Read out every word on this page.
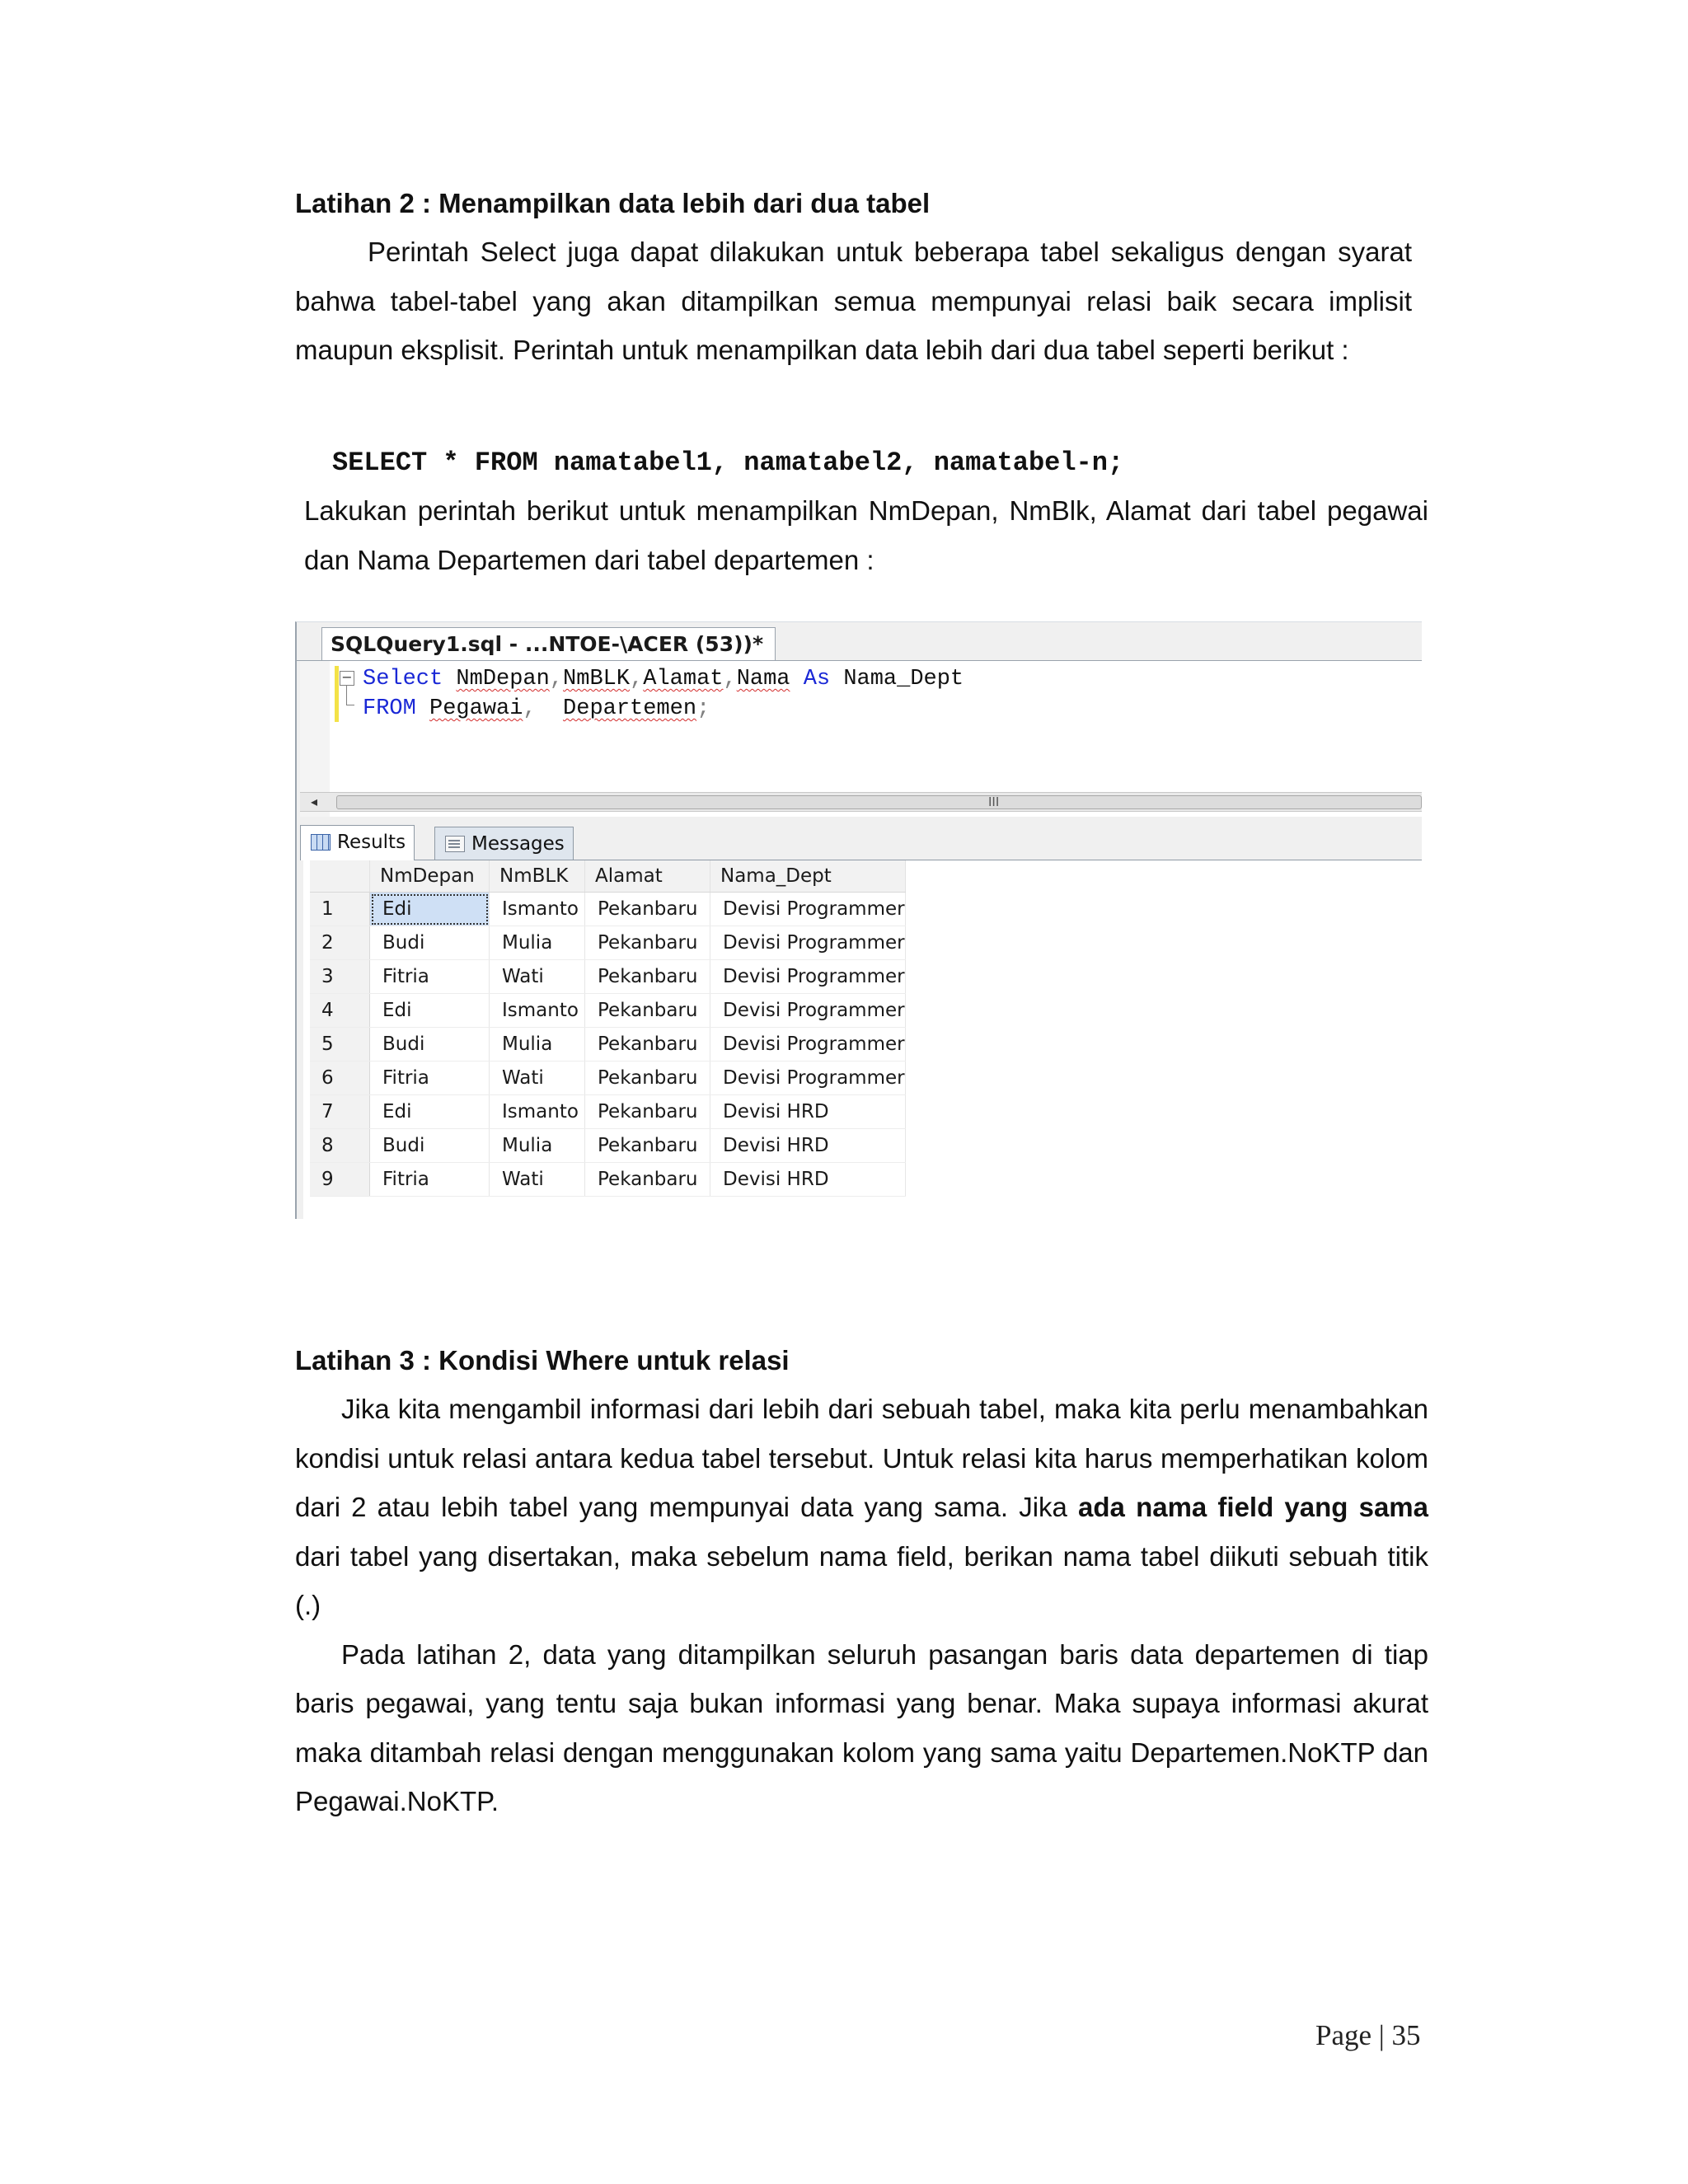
Latihan 2 : Menampilkan data lebih dari dua tabel

Perintah Select juga dapat dilakukan untuk beberapa tabel sekaligus dengan syarat bahwa tabel-tabel yang akan ditampilkan semua mempunyai relasi baik secara implisit maupun eksplisit. Perintah untuk menampilkan data lebih dari dua tabel seperti berikut :

SELECT * FROM namatabel1, namatabel2, namatabel-n;

Lakukan perintah berikut untuk menampilkan NmDepan, NmBlk, Alamat dari tabel pegawai dan Nama Departemen dari tabel departemen :

SQLQuery1.sql - ...NTOE-\ACER (53))*
− Select NmDepan,NmBLK,Alamat,Nama As Nama_Dept
FROM Pegawai,  Departemen;
◂	III
Results	Messages
	NmDepan	NmBLK	Alamat	Nama_Dept
1	Edi	Ismanto	Pekanbaru	Devisi Programmer
2	Budi	Mulia	Pekanbaru	Devisi Programmer
3	Fitria	Wati	Pekanbaru	Devisi Programmer
4	Edi	Ismanto	Pekanbaru	Devisi Programmer
5	Budi	Mulia	Pekanbaru	Devisi Programmer
6	Fitria	Wati	Pekanbaru	Devisi Programmer
7	Edi	Ismanto	Pekanbaru	Devisi HRD
8	Budi	Mulia	Pekanbaru	Devisi HRD
9	Fitria	Wati	Pekanbaru	Devisi HRD
Latihan 3 : Kondisi Where untuk relasi

Jika kita mengambil informasi dari lebih dari sebuah tabel, maka kita perlu menambahkan kondisi untuk relasi antara kedua tabel tersebut. Untuk relasi kita harus memperhatikan kolom dari 2 atau lebih tabel yang mempunyai data yang sama. Jika ada nama field yang sama dari tabel yang disertakan, maka sebelum nama field, berikan nama tabel diikuti sebuah titik (.)

Pada latihan 2, data yang ditampilkan seluruh pasangan baris data departemen di tiap baris pegawai, yang tentu saja bukan informasi yang benar. Maka supaya informasi akurat maka ditambah relasi dengan menggunakan kolom yang sama yaitu Departemen.NoKTP dan Pegawai.NoKTP.

Page | 35
